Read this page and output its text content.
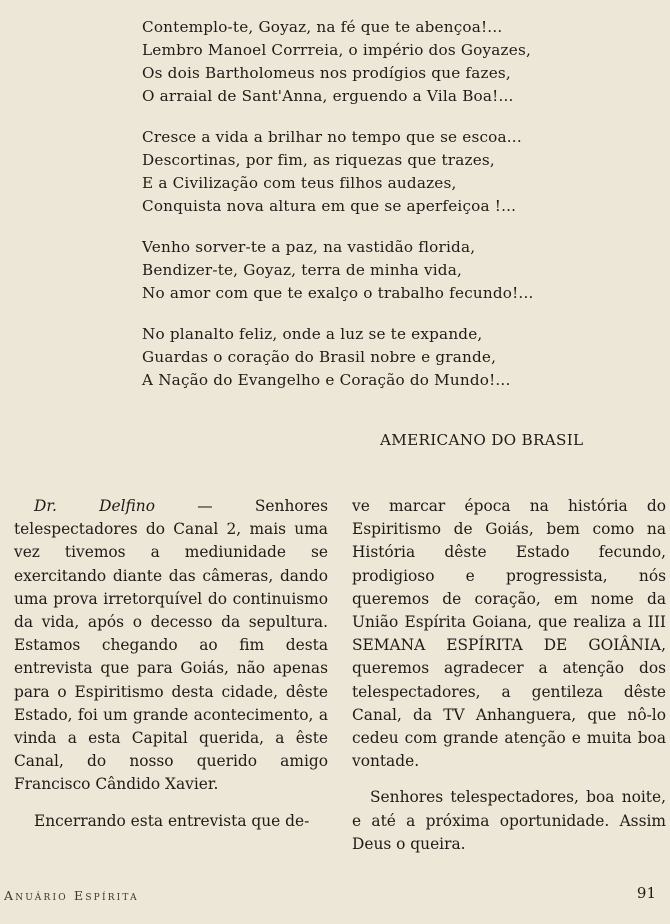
Contemplo-te, Goyaz, na fé que te abençoa!...
Lembro Manoel Corrreia, o império dos Goyazes,
Os dois Bartholomeus nos prodígios que fazes,
O arraial de Sant'Anna, erguendo a Vila Boa!...
Cresce a vida a brilhar no tempo que se escoa...
Descortinas, por fim, as riquezas que trazes,
E a Civilização com teus filhos audazes,
Conquista nova altura em que se aperfeiçoa !...
Venho sorver-te a paz, na vastidão florida,
Bendizer-te, Goyaz, terra de minha vida,
No amor com que te exalço o trabalho fecundo!...
No planalto feliz, onde a luz se te expande,
Guardas o coração do Brasil nobre e grande,
A Nação do Evangelho e Coração do Mundo!...
AMERICANO DO BRASIL

Dr. Delfino — Senhores telespectadores do Canal 2, mais uma vez tivemos a mediunidade se exercitando diante das câmeras, dando uma prova irretorquível do continuismo da vida, após o decesso da sepultura. Estamos chegando ao fim desta entrevista que para Goiás, não apenas para o Espiritismo desta cidade, dêste Estado, foi um grande acontecimento, a vinda a esta Capital querida, a êste Canal, do nosso querido amigo Francisco Cândido Xavier.

Encerrando esta entrevista que de-

ve marcar época na história do Espiritismo de Goiás, bem como na História dêste Estado fecundo, prodigioso e progressista, nós queremos de coração, em nome da União Espírita Goiana, que realiza a III SEMANA ESPÍRITA DE GOIÂNIA, queremos agradecer a atenção dos telespectadores, a gentileza dêste Canal, da TV Anhanguera, que nô-lo cedeu com grande atenção e muita boa vontade.

Senhores telespectadores, boa noite, e até a próxima oportunidade. Assim Deus o queira.

Anuário Espírita	91
